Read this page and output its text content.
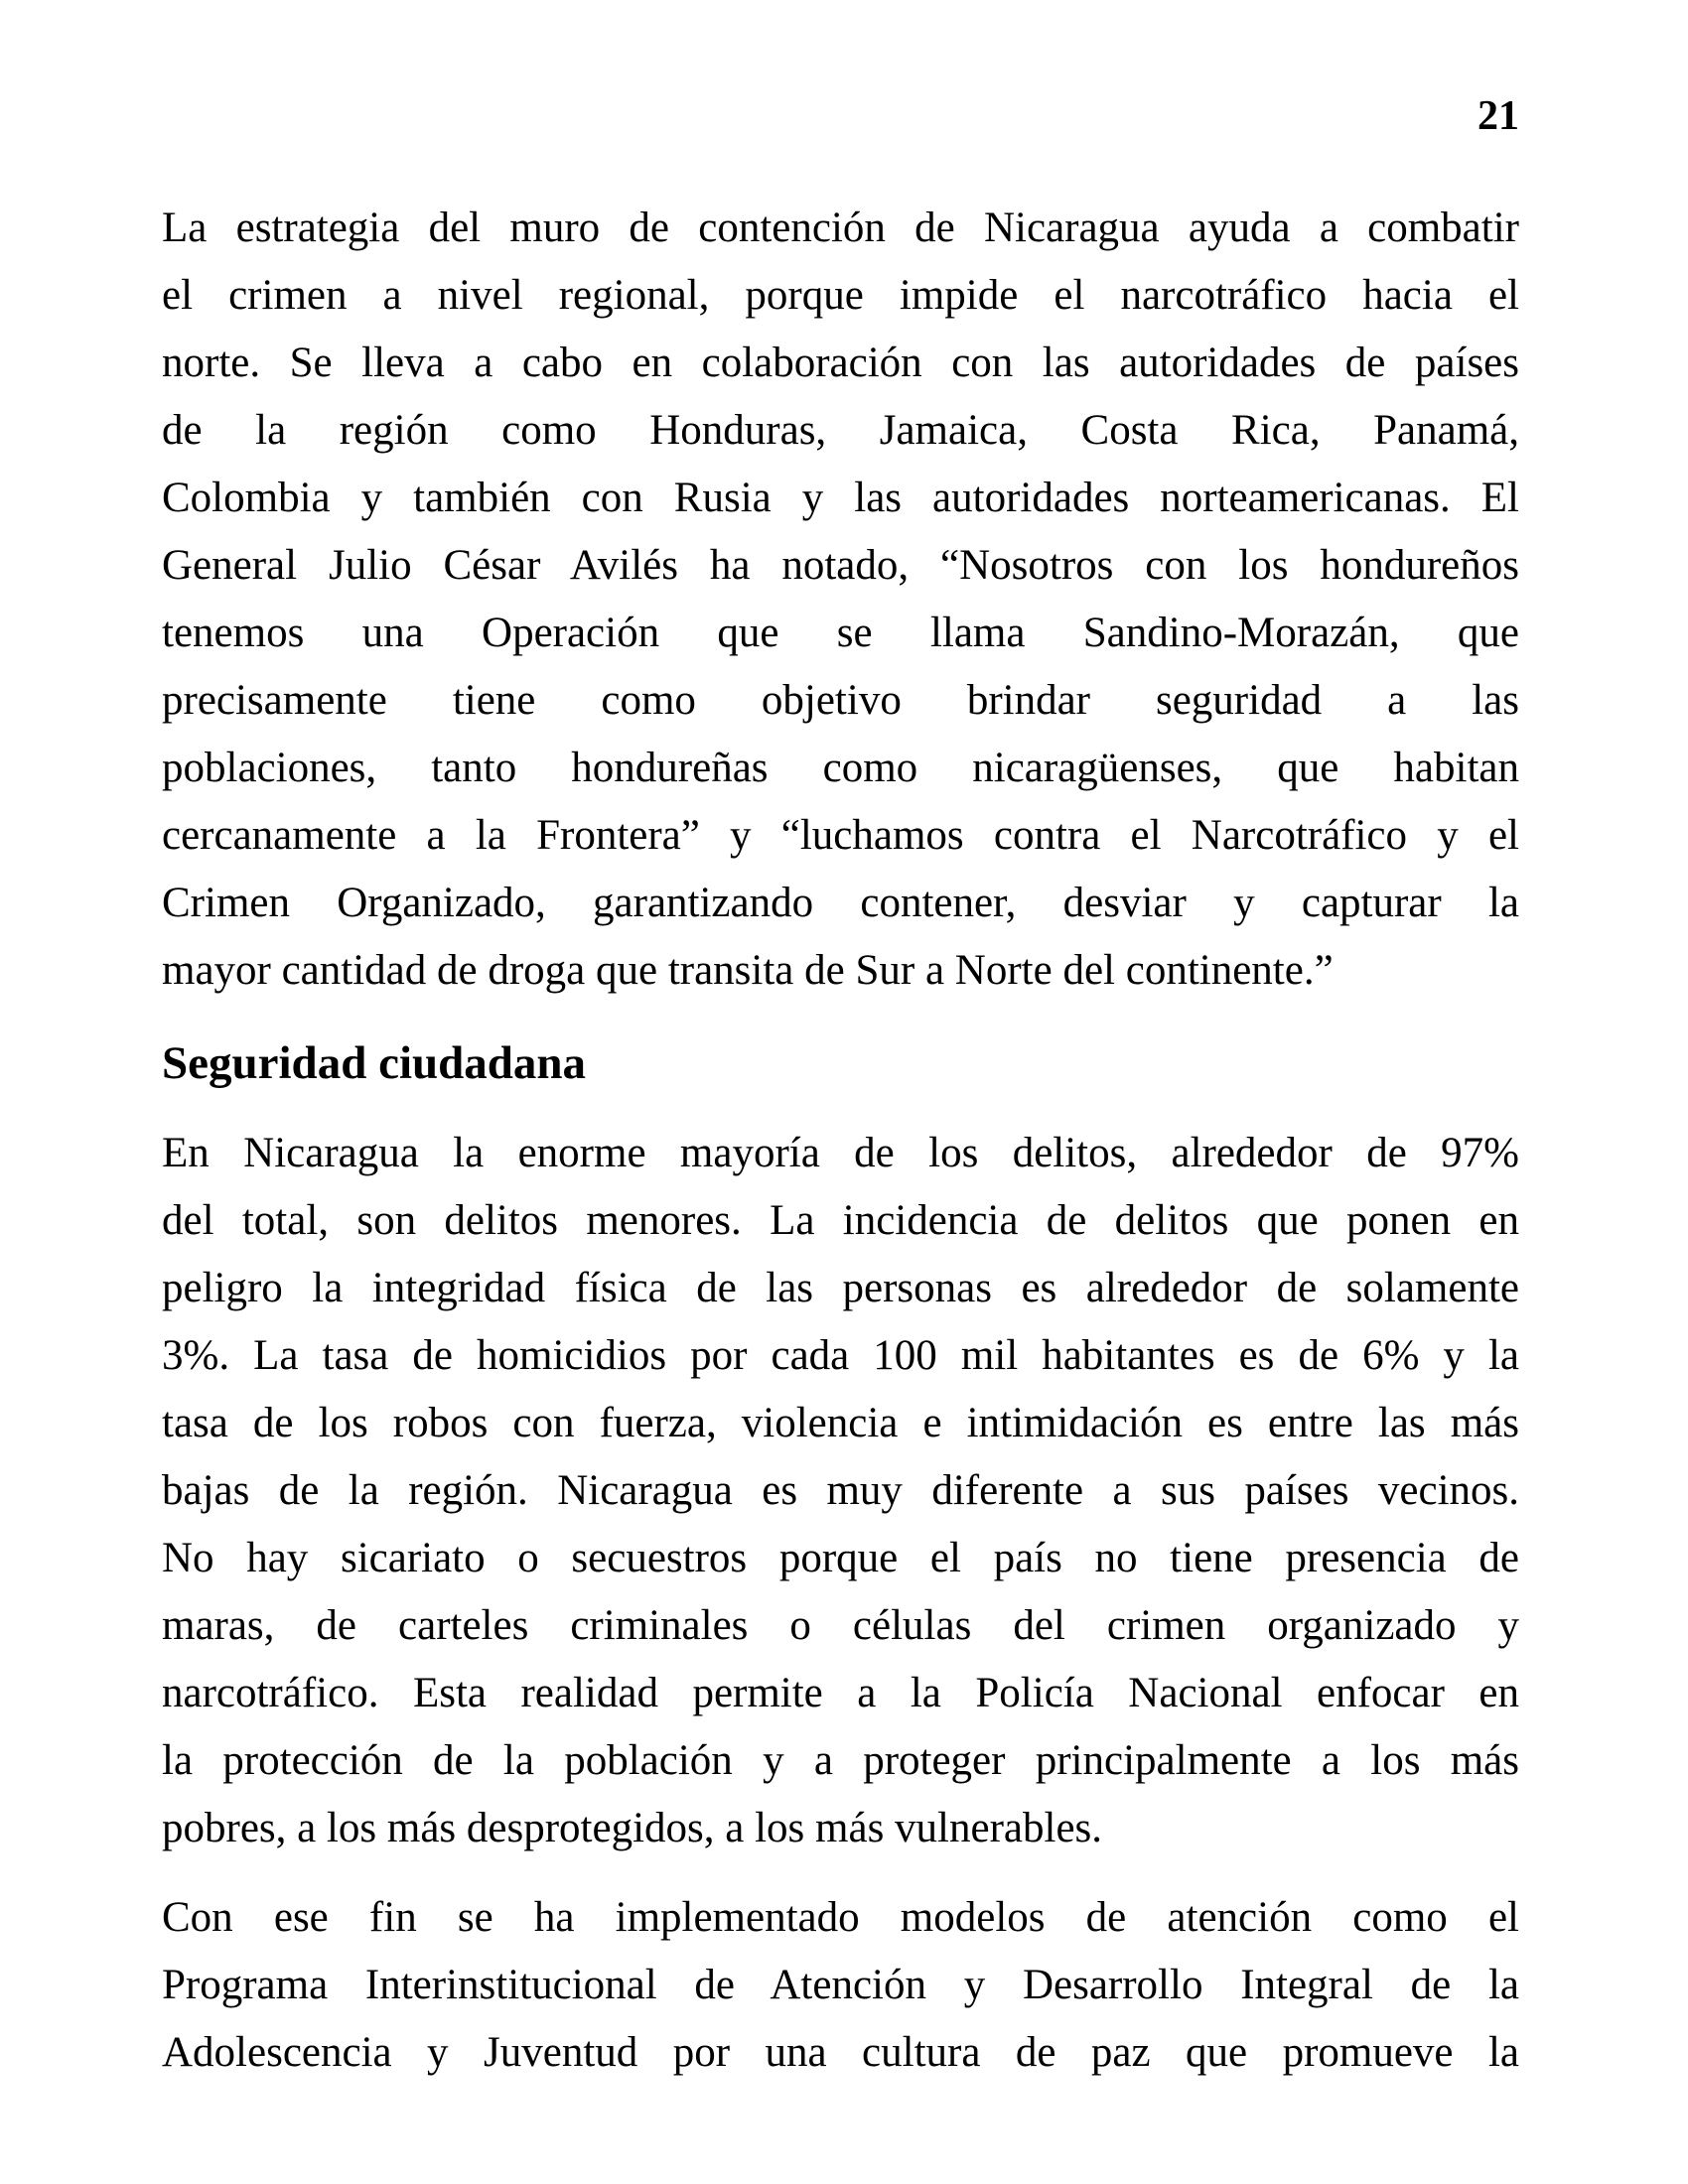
21
La estrategia del muro de contención de Nicaragua ayuda a combatir
el crimen a nivel regional, porque impide el narcotráfico hacia el
norte. Se lleva a cabo en colaboración con las autoridades de países
de la región como Honduras, Jamaica, Costa Rica, Panamá,
Colombia y también con Rusia y las autoridades norteamericanas. El
General Julio César Avilés ha notado, “Nosotros con los hondureños
tenemos una Operación que se llama Sandino-Morazán, que
precisamente tiene como objetivo brindar seguridad a las
poblaciones, tanto hondureñas como nicaragüenses, que habitan
cercanamente a la Frontera” y “luchamos contra el Narcotráfico y el
Crimen Organizado, garantizando contener, desviar y capturar la
mayor cantidad de droga que transita de Sur a Norte del continente.”
Seguridad ciudadana
En Nicaragua la enorme mayoría de los delitos, alrededor de 97%
del total, son delitos menores. La incidencia de delitos que ponen en
peligro la integridad física de las personas es alrededor de solamente
3%. La tasa de homicidios por cada 100 mil habitantes es de 6% y la
tasa de los robos con fuerza, violencia e intimidación es entre las más
bajas de la región. Nicaragua es muy diferente a sus países vecinos.
No hay sicariato o secuestros porque el país no tiene presencia de
maras, de carteles criminales o células del crimen organizado y
narcotráfico. Esta realidad permite a la Policía Nacional enfocar en
la protección de la población y a proteger principalmente a los más
pobres, a los más desprotegidos, a los más vulnerables.
Con ese fin se ha implementado modelos de atención como el
Programa Interinstitucional de Atención y Desarrollo Integral de la
Adolescencia y Juventud por una cultura de paz que promueve la
